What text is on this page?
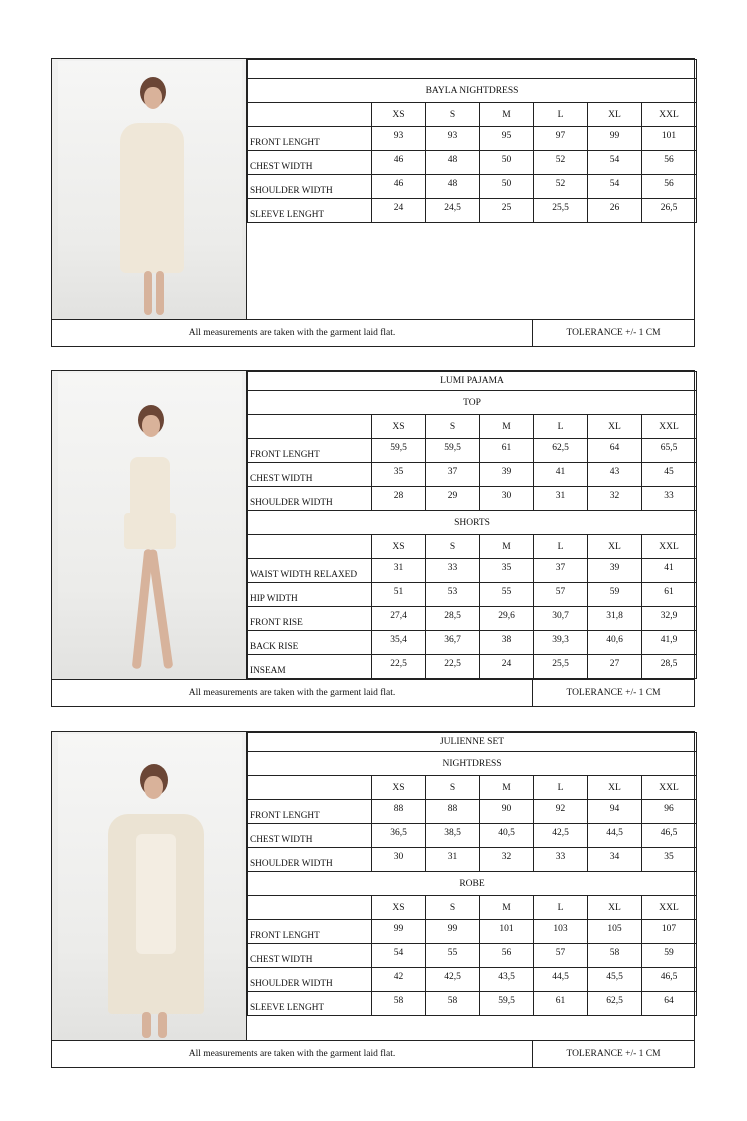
BAYLA NIGHTDRESS						
	XS	S	M	L	XL	XXL
FRONT LENGHT	93	93	95	97	99	101
CHEST WIDTH	46	48	50	52	54	56
SHOULDER WIDTH	46	48	50	52	54	56
SLEEVE LENGHT	24	24,5	25	25,5	26	26,5
All measurements are taken with the garment laid flat.	TOLERANCE +/- 1 CM
LUMI PAJAMA						
TOP						
	XS	S	M	L	XL	XXL
FRONT LENGHT	59,5	59,5	61	62,5	64	65,5
CHEST WIDTH	35	37	39	41	43	45
SHOULDER WIDTH	28	29	30	31	32	33
SHORTS						
	XS	S	M	L	XL	XXL
WAIST WIDTH RELAXED	31	33	35	37	39	41
HIP WIDTH	51	53	55	57	59	61
FRONT RISE	27,4	28,5	29,6	30,7	31,8	32,9
BACK RISE	35,4	36,7	38	39,3	40,6	41,9
INSEAM	22,5	22,5	24	25,5	27	28,5
All measurements are taken with the garment laid flat.	TOLERANCE +/- 1 CM
JULIENNE SET						
NIGHTDRESS						
	XS	S	M	L	XL	XXL
FRONT LENGHT	88	88	90	92	94	96
CHEST WIDTH	36,5	38,5	40,5	42,5	44,5	46,5
SHOULDER WIDTH	30	31	32	33	34	35
ROBE						
	XS	S	M	L	XL	XXL
FRONT LENGHT	99	99	101	103	105	107
CHEST WIDTH	54	55	56	57	58	59
SHOULDER WIDTH	42	42,5	43,5	44,5	45,5	46,5
SLEEVE LENGHT	58	58	59,5	61	62,5	64
All measurements are taken with the garment laid flat.	TOLERANCE +/- 1 CM
